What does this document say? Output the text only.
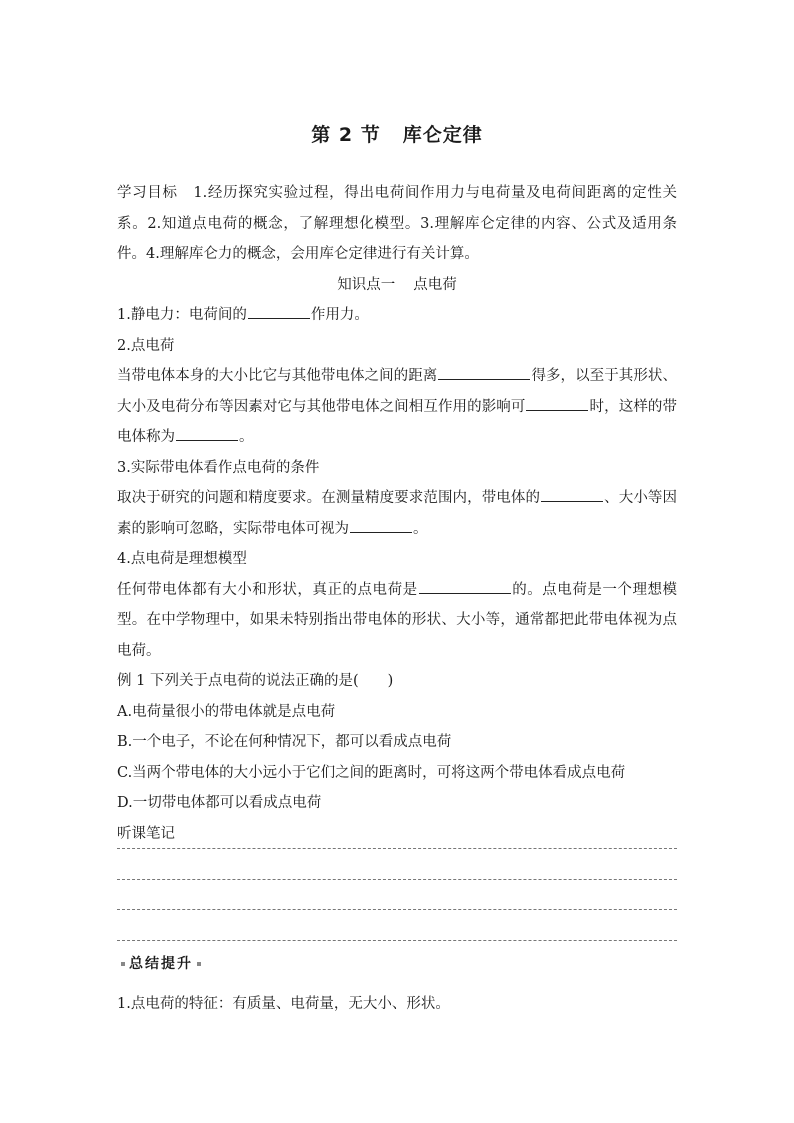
第 2 节 库仑定律

学习目标 1.经历探究实验过程，得出电荷间作用力与电荷量及电荷间距离的定性关系。2.知道点电荷的概念，了解理想化模型。3.理解库仑定律的内容、公式及适用条件。4.理解库仑力的概念，会用库仑定律进行有关计算。

知识点一 点电荷

1.静电力：电荷间的	作用力。

2.点电荷

当带电体本身的大小比它与其他带电体之间的距离	得多，以至于其形状、大小及电荷分布等因素对它与其他带电体之间相互作用的影响可	时，这样的带电体称为	。

3.实际带电体看作点电荷的条件

取决于研究的问题和精度要求。在测量精度要求范围内，带电体的	、大小等因素的影响可忽略，实际带电体可视为	。

4.点电荷是理想模型

任何带电体都有大小和形状，真正的点电荷是	的。点电荷是一个理想模型。在中学物理中，如果未特别指出带电体的形状、大小等，通常都把此带电体视为点电荷。

例 1 下列关于点电荷的说法正确的是(　　)

A.电荷量很小的带电体就是点电荷

B.一个电子，不论在何种情况下，都可以看成点电荷

C.当两个带电体的大小远小于它们之间的距离时，可将这两个带电体看成点电荷

D.一切带电体都可以看成点电荷

听课笔记
总结提升

1.点电荷的特征：有质量、电荷量，无大小、形状。
